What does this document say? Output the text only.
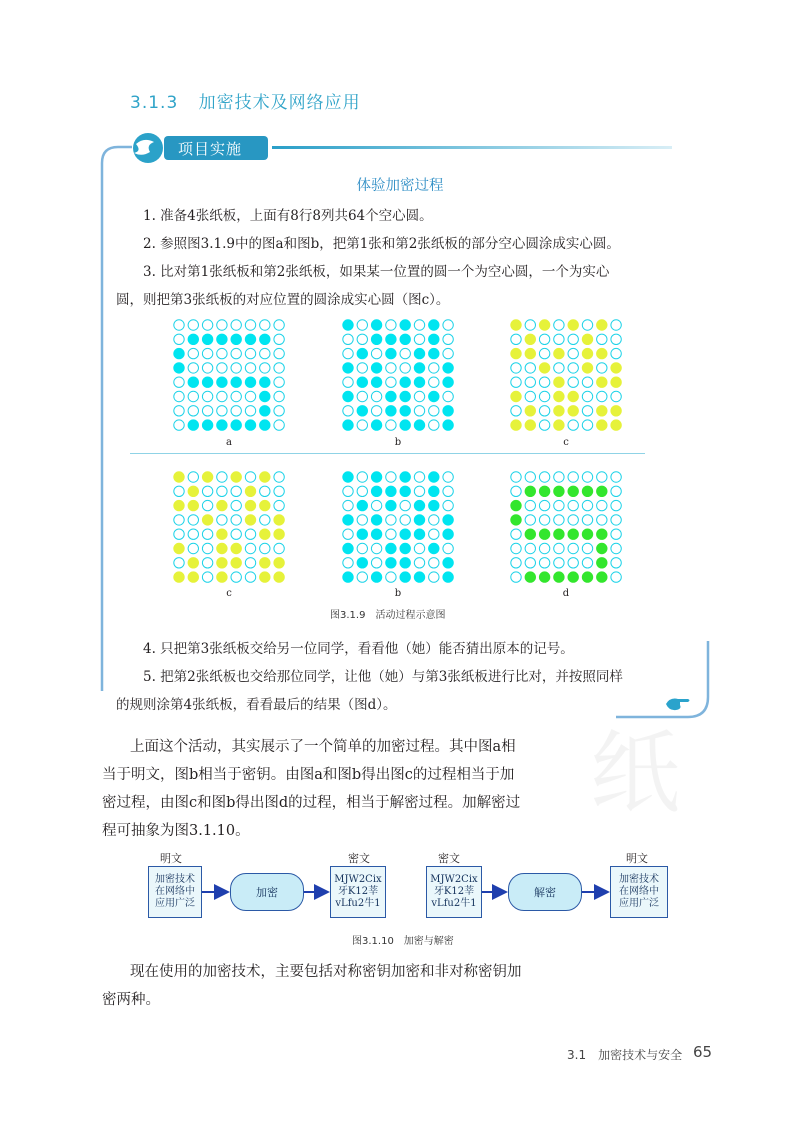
3.1.3 加密技术及网络应用
项目实施
体验加密过程
1. 准备4张纸板，上面有8行8列共64个空心圆。
2. 参照图3.1.9中的图a和图b，把第1张和第2张纸板的部分空心圆涂成实心圆。
3. 比对第1张纸板和第2张纸板，如果某一位置的圆一个为空心圆，一个为实心
圆，则把第3张纸板的对应位置的圆涂成实心圆（图c）。
a	b	c
c	b	d
图3.1.9　活动过程示意图
4. 只把第3张纸板交给另一位同学，看看他（她）能否猜出原本的记号。
5. 把第2张纸板也交给那位同学，让他（她）与第3张纸板进行比对，并按照同样
的规则涂第4张纸板，看看最后的结果（图d）。
纸
上面这个活动，其实展示了一个简单的加密过程。其中图a相当于明文，图b相当于密钥。由图a和图b得出图c的过程相当于加密过程，由图c和图b得出图d的过程，相当于解密过程。加解密过程可抽象为图3.1.10。
明文	密文	密文	明文
加密技术
在网络中
应用广泛
加密
MJW2Cix
牙K12莘
vLfu2牛1
MJW2Cix
牙K12莘
vLfu2牛1
解密
加密技术
在网络中
应用广泛
图3.1.10　加密与解密
现在使用的加密技术，主要包括对称密钥加密和非对称密钥加密两种。
3.1　加密技术与安全 65
